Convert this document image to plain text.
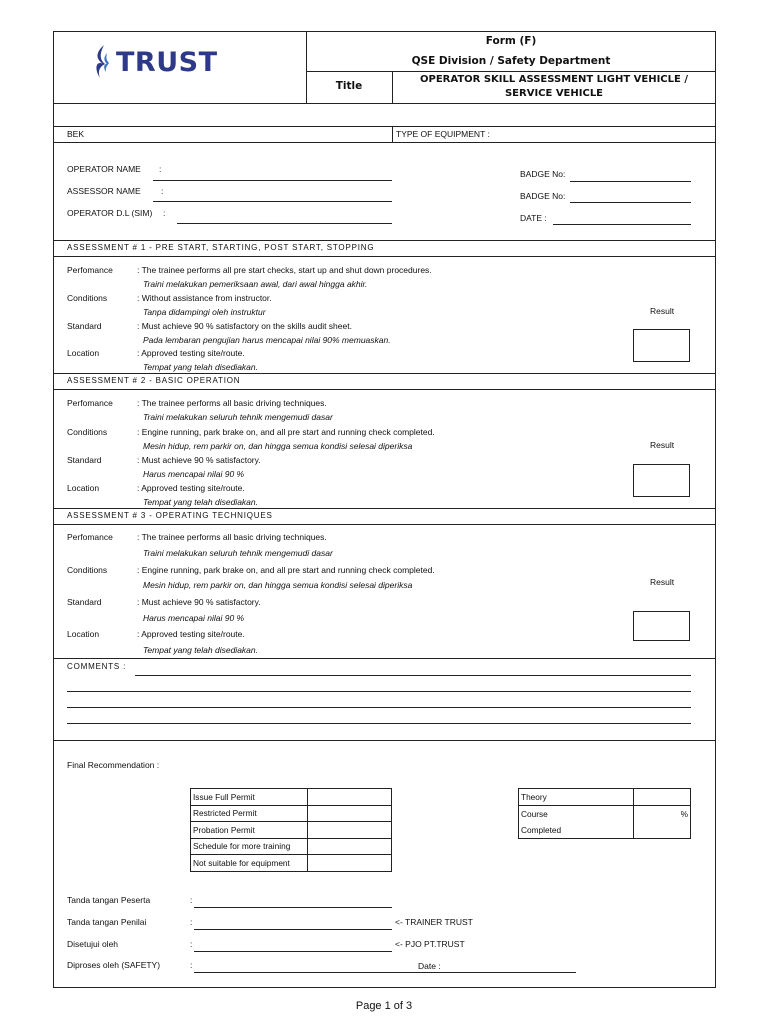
TRUST
Form (F)
QSE Division / Safety Department
Title
OPERATOR SKILL ASSESSMENT LIGHT VEHICLE /
SERVICE VEHICLE
BEK	TYPE OF EQUIPMENT :
OPERATOR NAME :
ASSESSOR NAME :
OPERATOR D.L (SIM) :
BADGE No:
BADGE No:
DATE :
ASSESSMENT # 1 - PRE START, STARTING, POST START, STOPPING
Perfomance	: The trainee performs all pre start checks, start up and shut down procedures.
Traini melakukan pemeriksaan awal, dari awal hingga akhir.
Conditions	: Without assistance from instructor.
Tanpa didampingi oleh instruktur
Standard	: Must achieve 90 % satisfactory on the skills audit sheet.
Pada lembaran pengujian harus mencapai nilai 90% memuaskan.
Location	: Approved testing site/route.
Tempat yang telah disediakan.
Result
ASSESSMENT # 2 - BASIC OPERATION
Perfomance	: The trainee performs all basic driving techniques.
Traini melakukan seluruh tehnik mengemudi dasar
Conditions	: Engine running, park brake on, and all pre start and running check completed.
Mesin hidup, rem parkir on, dan hingga semua kondisi selesai diperiksa
Standard	: Must achieve 90 % satisfactory.
Harus mencapai nilai 90 %
Location	: Approved testing site/route.
Tempat yang telah disediakan.
Result
ASSESSMENT # 3 - OPERATING TECHNIQUES
Perfomance	: The trainee performs all basic driving techniques.
Traini melakukan seluruh tehnik mengemudi dasar
Conditions	: Engine running, park brake on, and all pre start and running check completed.
Mesin hidup, rem parkir on, dan hingga semua kondisi selesai diperiksa
Standard	: Must achieve 90 % satisfactory.
Harus mencapai nilai 90 %
Location	: Approved testing site/route.
Tempat yang telah disediakan.
Result
COMMENTS :
Final Recommendation :
Issue Full Permit	
Restricted Permit	
Probation Permit	
Schedule for more training	
Not suitable for equipment	
Theory	
Course	%
Completed	
Tanda tangan Peserta	:
Tanda tangan Penilai	:	<- TRAINER TRUST
Disetujui oleh	:	<- PJO PT.TRUST
Diproses oleh (SAFETY)	:	Date :
Page 1 of 3
